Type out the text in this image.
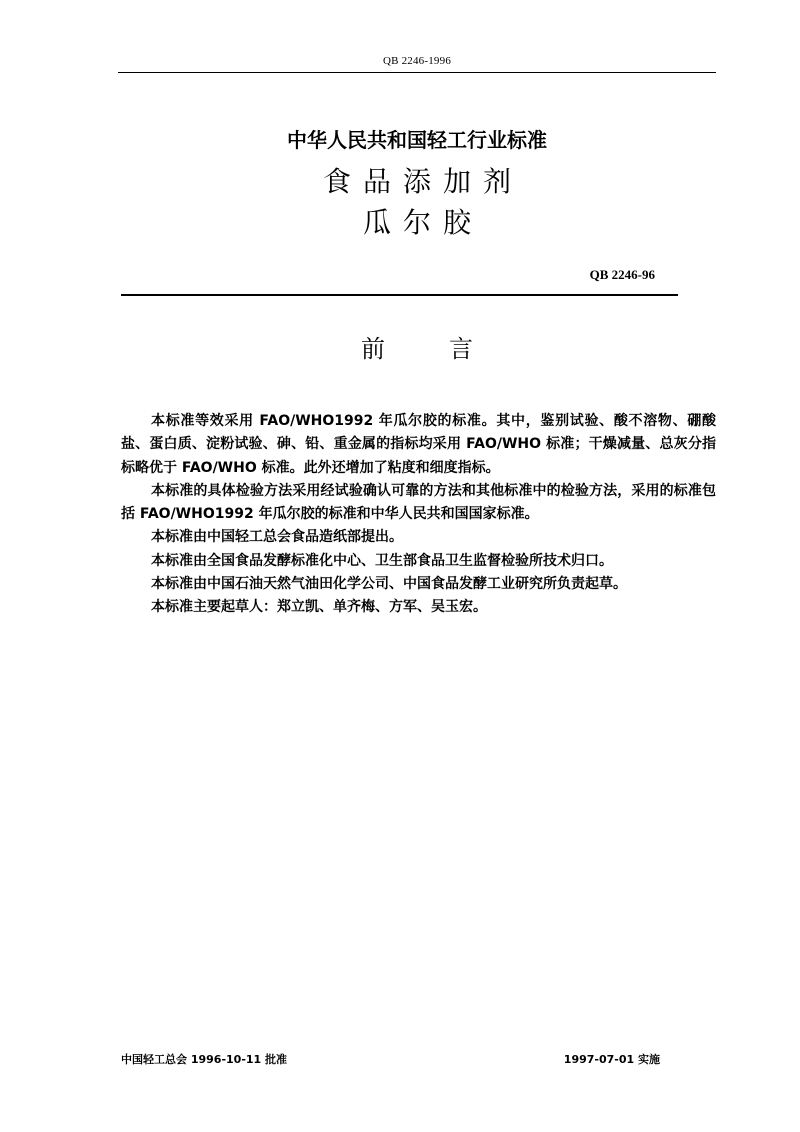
QB 2246-1996
中华人民共和国轻工行业标准
食品添加剂
瓜尔胶
QB 2246-96
前言

本标准等效采用 FAO/WHO1992 年瓜尔胶的标准。其中，鉴别试验、酸不溶物、硼酸盐、蛋白质、淀粉试验、砷、铅、重金属的指标均采用 FAO/WHO 标准；干燥减量、总灰分指标略优于 FAO/WHO 标准。此外还增加了粘度和细度指标。

本标准的具体检验方法采用经试验确认可靠的方法和其他标准中的检验方法，采用的标准包括 FAO/WHO1992 年瓜尔胶的标准和中华人民共和国国家标准。

本标准由中国轻工总会食品造纸部提出。

本标准由全国食品发酵标准化中心、卫生部食品卫生监督检验所技术归口。

本标准由中国石油天然气油田化学公司、中国食品发酵工业研究所负责起草。

本标准主要起草人：郑立凯、单齐梅、方军、吴玉宏。

中国轻工总会 1996-10-11 批准	1997-07-01 实施
